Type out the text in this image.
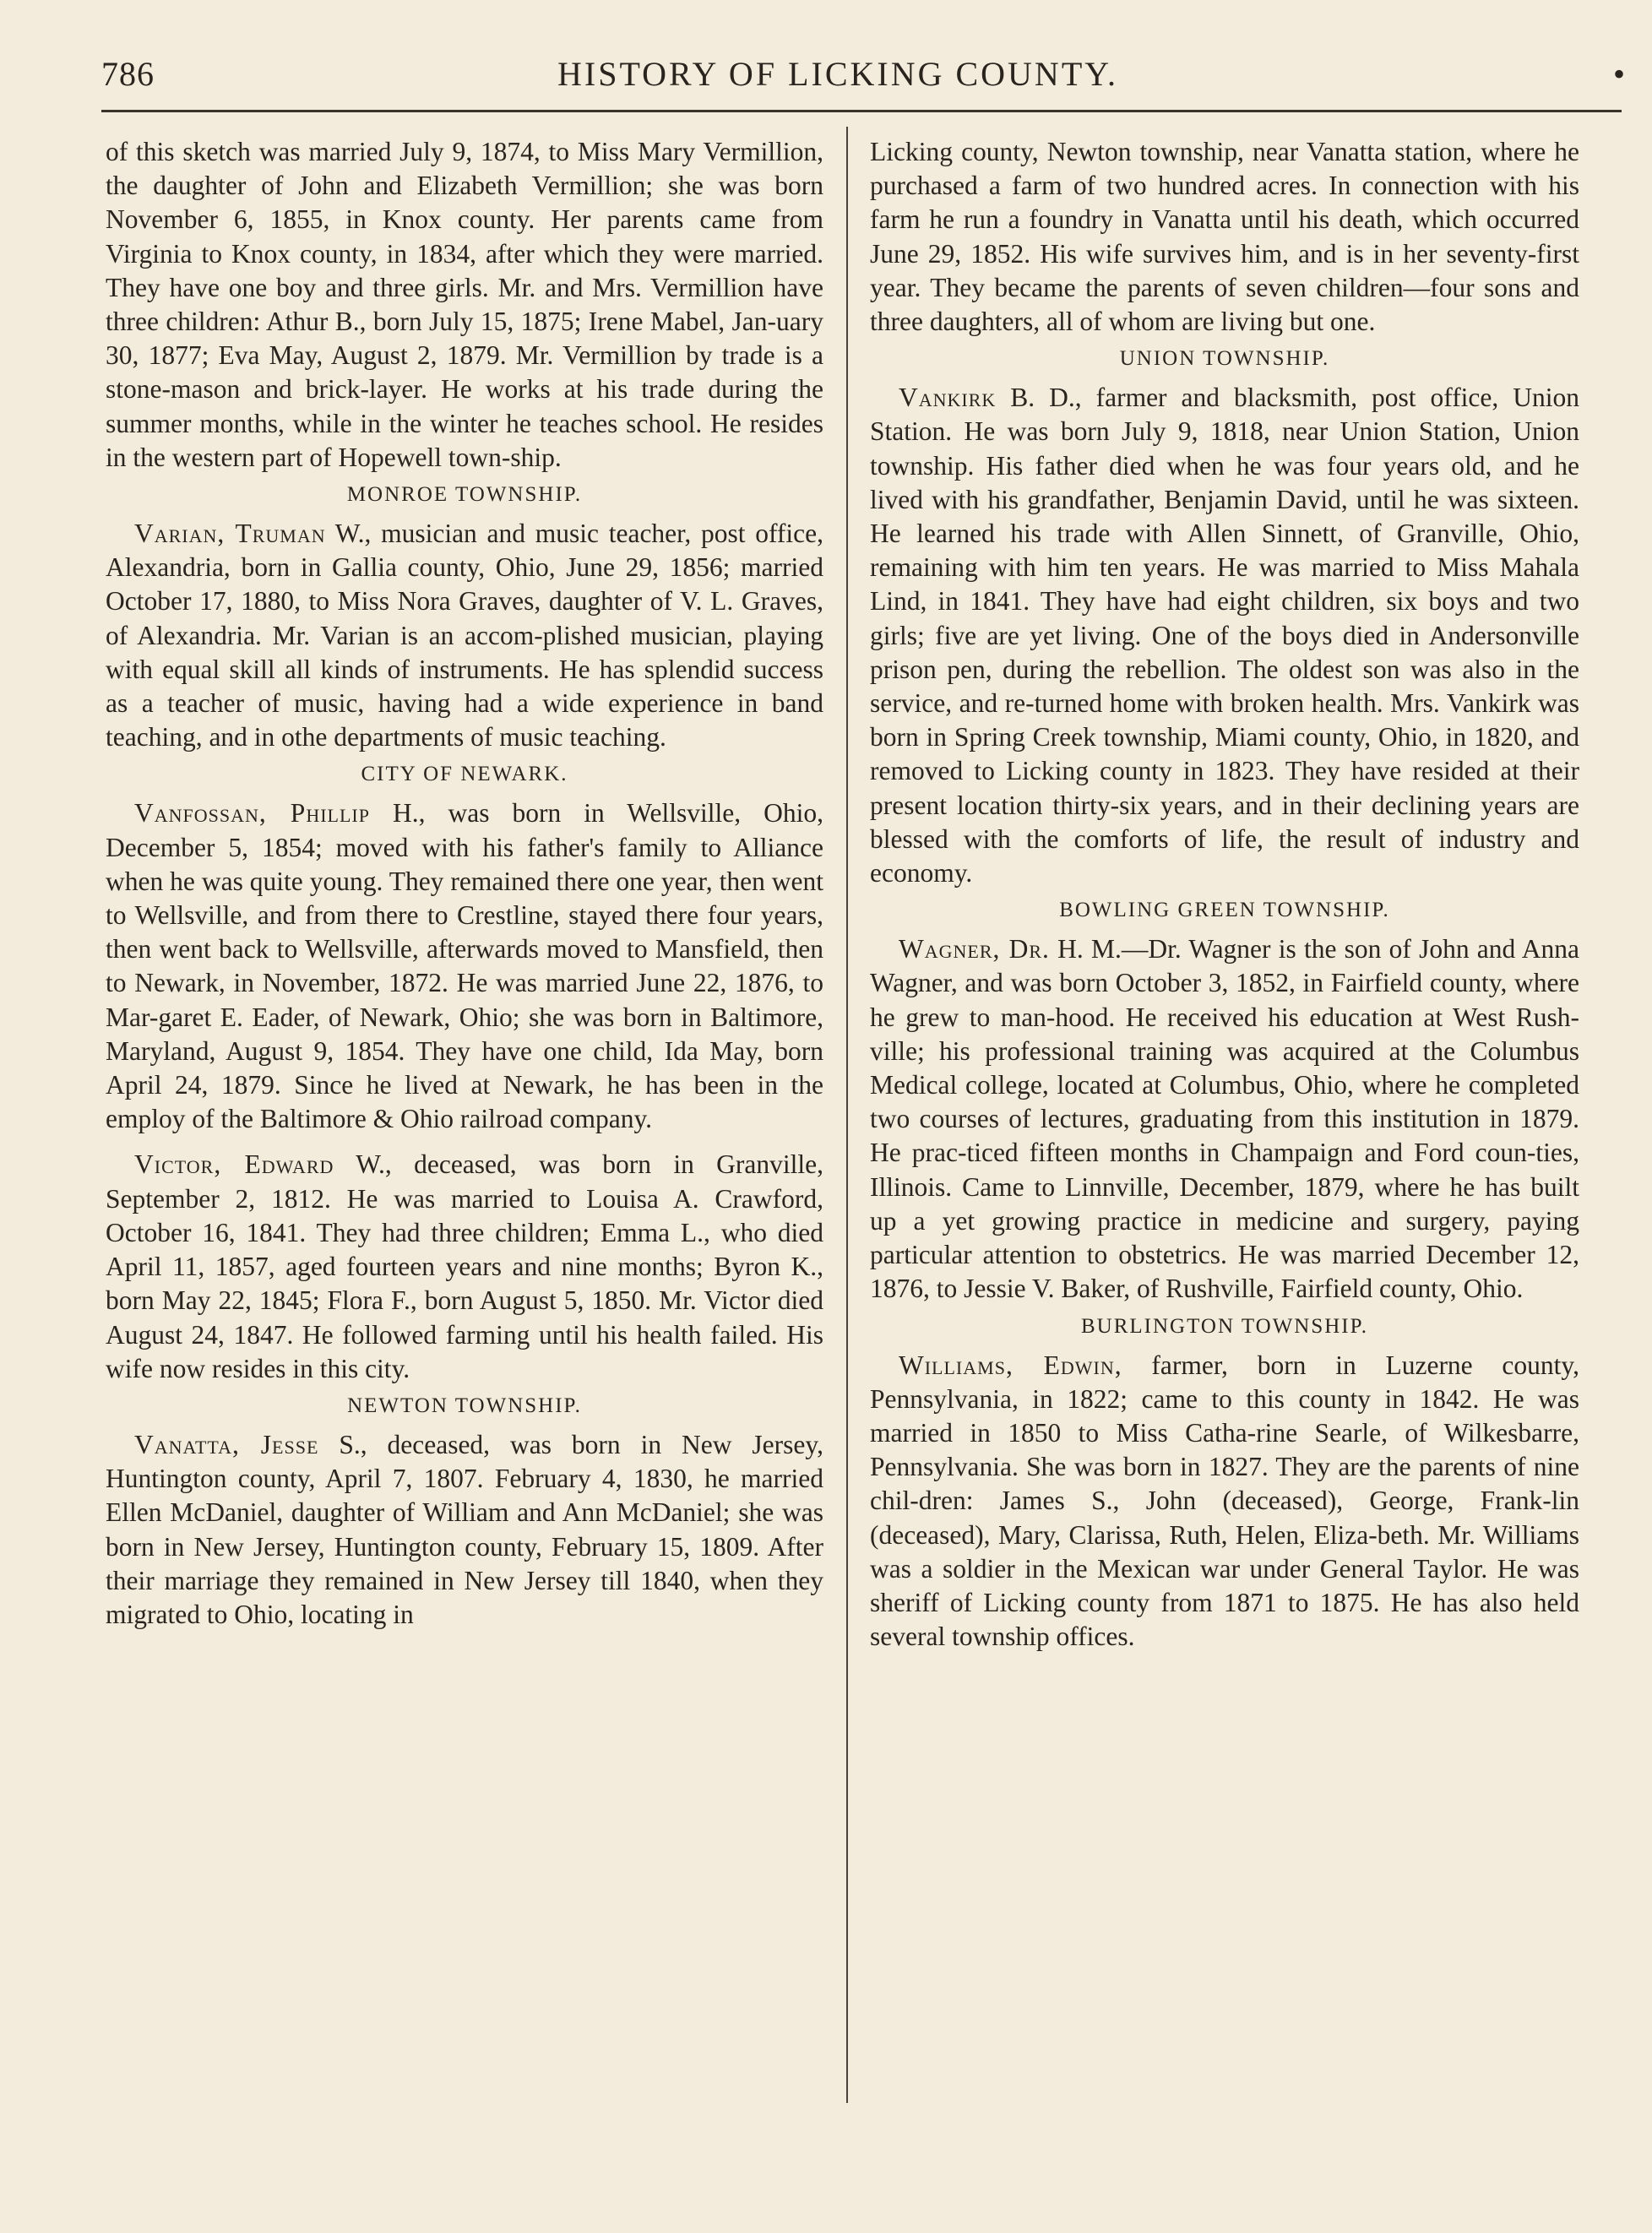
786	HISTORY OF LICKING COUNTY.	•

of this sketch was married July 9, 1874, to Miss Mary Vermillion, the daughter of John and Elizabeth Vermillion; she was born November 6, 1855, in Knox county. Her parents came from Virginia to Knox county, in 1834, after which they were married. They have one boy and three girls. Mr. and Mrs. Vermillion have three children: Athur B., born July 15, 1875; Irene Mabel, Jan-uary 30, 1877; Eva May, August 2, 1879. Mr. Vermillion by trade is a stone-mason and brick-layer. He works at his trade during the summer months, while in the winter he teaches school. He resides in the western part of Hopewell town-ship.

MONROE TOWNSHIP.

Varian, Truman W., musician and music teacher, post office, Alexandria, born in Gallia county, Ohio, June 29, 1856; married October 17, 1880, to Miss Nora Graves, daughter of V. L. Graves, of Alexandria. Mr. Varian is an accom-plished musician, playing with equal skill all kinds of instruments. He has splendid success as a teacher of music, having had a wide experience in band teaching, and in othe departments of music teaching.

CITY OF NEWARK.

Vanfossan, Phillip H., was born in Wellsville, Ohio, December 5, 1854; moved with his father's family to Alliance when he was quite young. They remained there one year, then went to Wellsville, and from there to Crestline, stayed there four years, then went back to Wellsville, afterwards moved to Mansfield, then to Newark, in November, 1872. He was married June 22, 1876, to Mar-garet E. Eader, of Newark, Ohio; she was born in Baltimore, Maryland, August 9, 1854. They have one child, Ida May, born April 24, 1879. Since he lived at Newark, he has been in the employ of the Baltimore & Ohio railroad company.

Victor, Edward W., deceased, was born in Granville, September 2, 1812. He was married to Louisa A. Crawford, October 16, 1841. They had three children; Emma L., who died April 11, 1857, aged fourteen years and nine months; Byron K., born May 22, 1845; Flora F., born August 5, 1850. Mr. Victor died August 24, 1847. He followed farming until his health failed. His wife now resides in this city.

NEWTON TOWNSHIP.

Vanatta, Jesse S., deceased, was born in New Jersey, Huntington county, April 7, 1807. February 4, 1830, he married Ellen McDaniel, daughter of William and Ann McDaniel; she was born in New Jersey, Huntington county, February 15, 1809. After their marriage they remained in New Jersey till 1840, when they migrated to Ohio, locating in

Licking county, Newton township, near Vanatta station, where he purchased a farm of two hundred acres. In connection with his farm he run a foundry in Vanatta until his death, which occurred June 29, 1852. His wife survives him, and is in her seventy-first year. They became the parents of seven children—four sons and three daughters, all of whom are living but one.

UNION TOWNSHIP.

Vankirk B. D., farmer and blacksmith, post office, Union Station. He was born July 9, 1818, near Union Station, Union township. His father died when he was four years old, and he lived with his grandfather, Benjamin David, until he was sixteen. He learned his trade with Allen Sinnett, of Granville, Ohio, remaining with him ten years. He was married to Miss Mahala Lind, in 1841. They have had eight children, six boys and two girls; five are yet living. One of the boys died in Andersonville prison pen, during the rebellion. The oldest son was also in the service, and re-turned home with broken health. Mrs. Vankirk was born in Spring Creek township, Miami county, Ohio, in 1820, and removed to Licking county in 1823. They have resided at their present location thirty-six years, and in their declining years are blessed with the comforts of life, the result of industry and economy.

BOWLING GREEN TOWNSHIP.

Wagner, Dr. H. M.—Dr. Wagner is the son of John and Anna Wagner, and was born October 3, 1852, in Fairfield county, where he grew to man-hood. He received his education at West Rush-ville; his professional training was acquired at the Columbus Medical college, located at Columbus, Ohio, where he completed two courses of lectures, graduating from this institution in 1879. He prac-ticed fifteen months in Champaign and Ford coun-ties, Illinois. Came to Linnville, December, 1879, where he has built up a yet growing practice in medicine and surgery, paying particular attention to obstetrics. He was married December 12, 1876, to Jessie V. Baker, of Rushville, Fairfield county, Ohio.

BURLINGTON TOWNSHIP.

Williams, Edwin, farmer, born in Luzerne county, Pennsylvania, in 1822; came to this county in 1842. He was married in 1850 to Miss Catha-rine Searle, of Wilkesbarre, Pennsylvania. She was born in 1827. They are the parents of nine chil-dren: James S., John (deceased), George, Frank-lin (deceased), Mary, Clarissa, Ruth, Helen, Eliza-beth. Mr. Williams was a soldier in the Mexican war under General Taylor. He was sheriff of Licking county from 1871 to 1875. He has also held several township offices.
